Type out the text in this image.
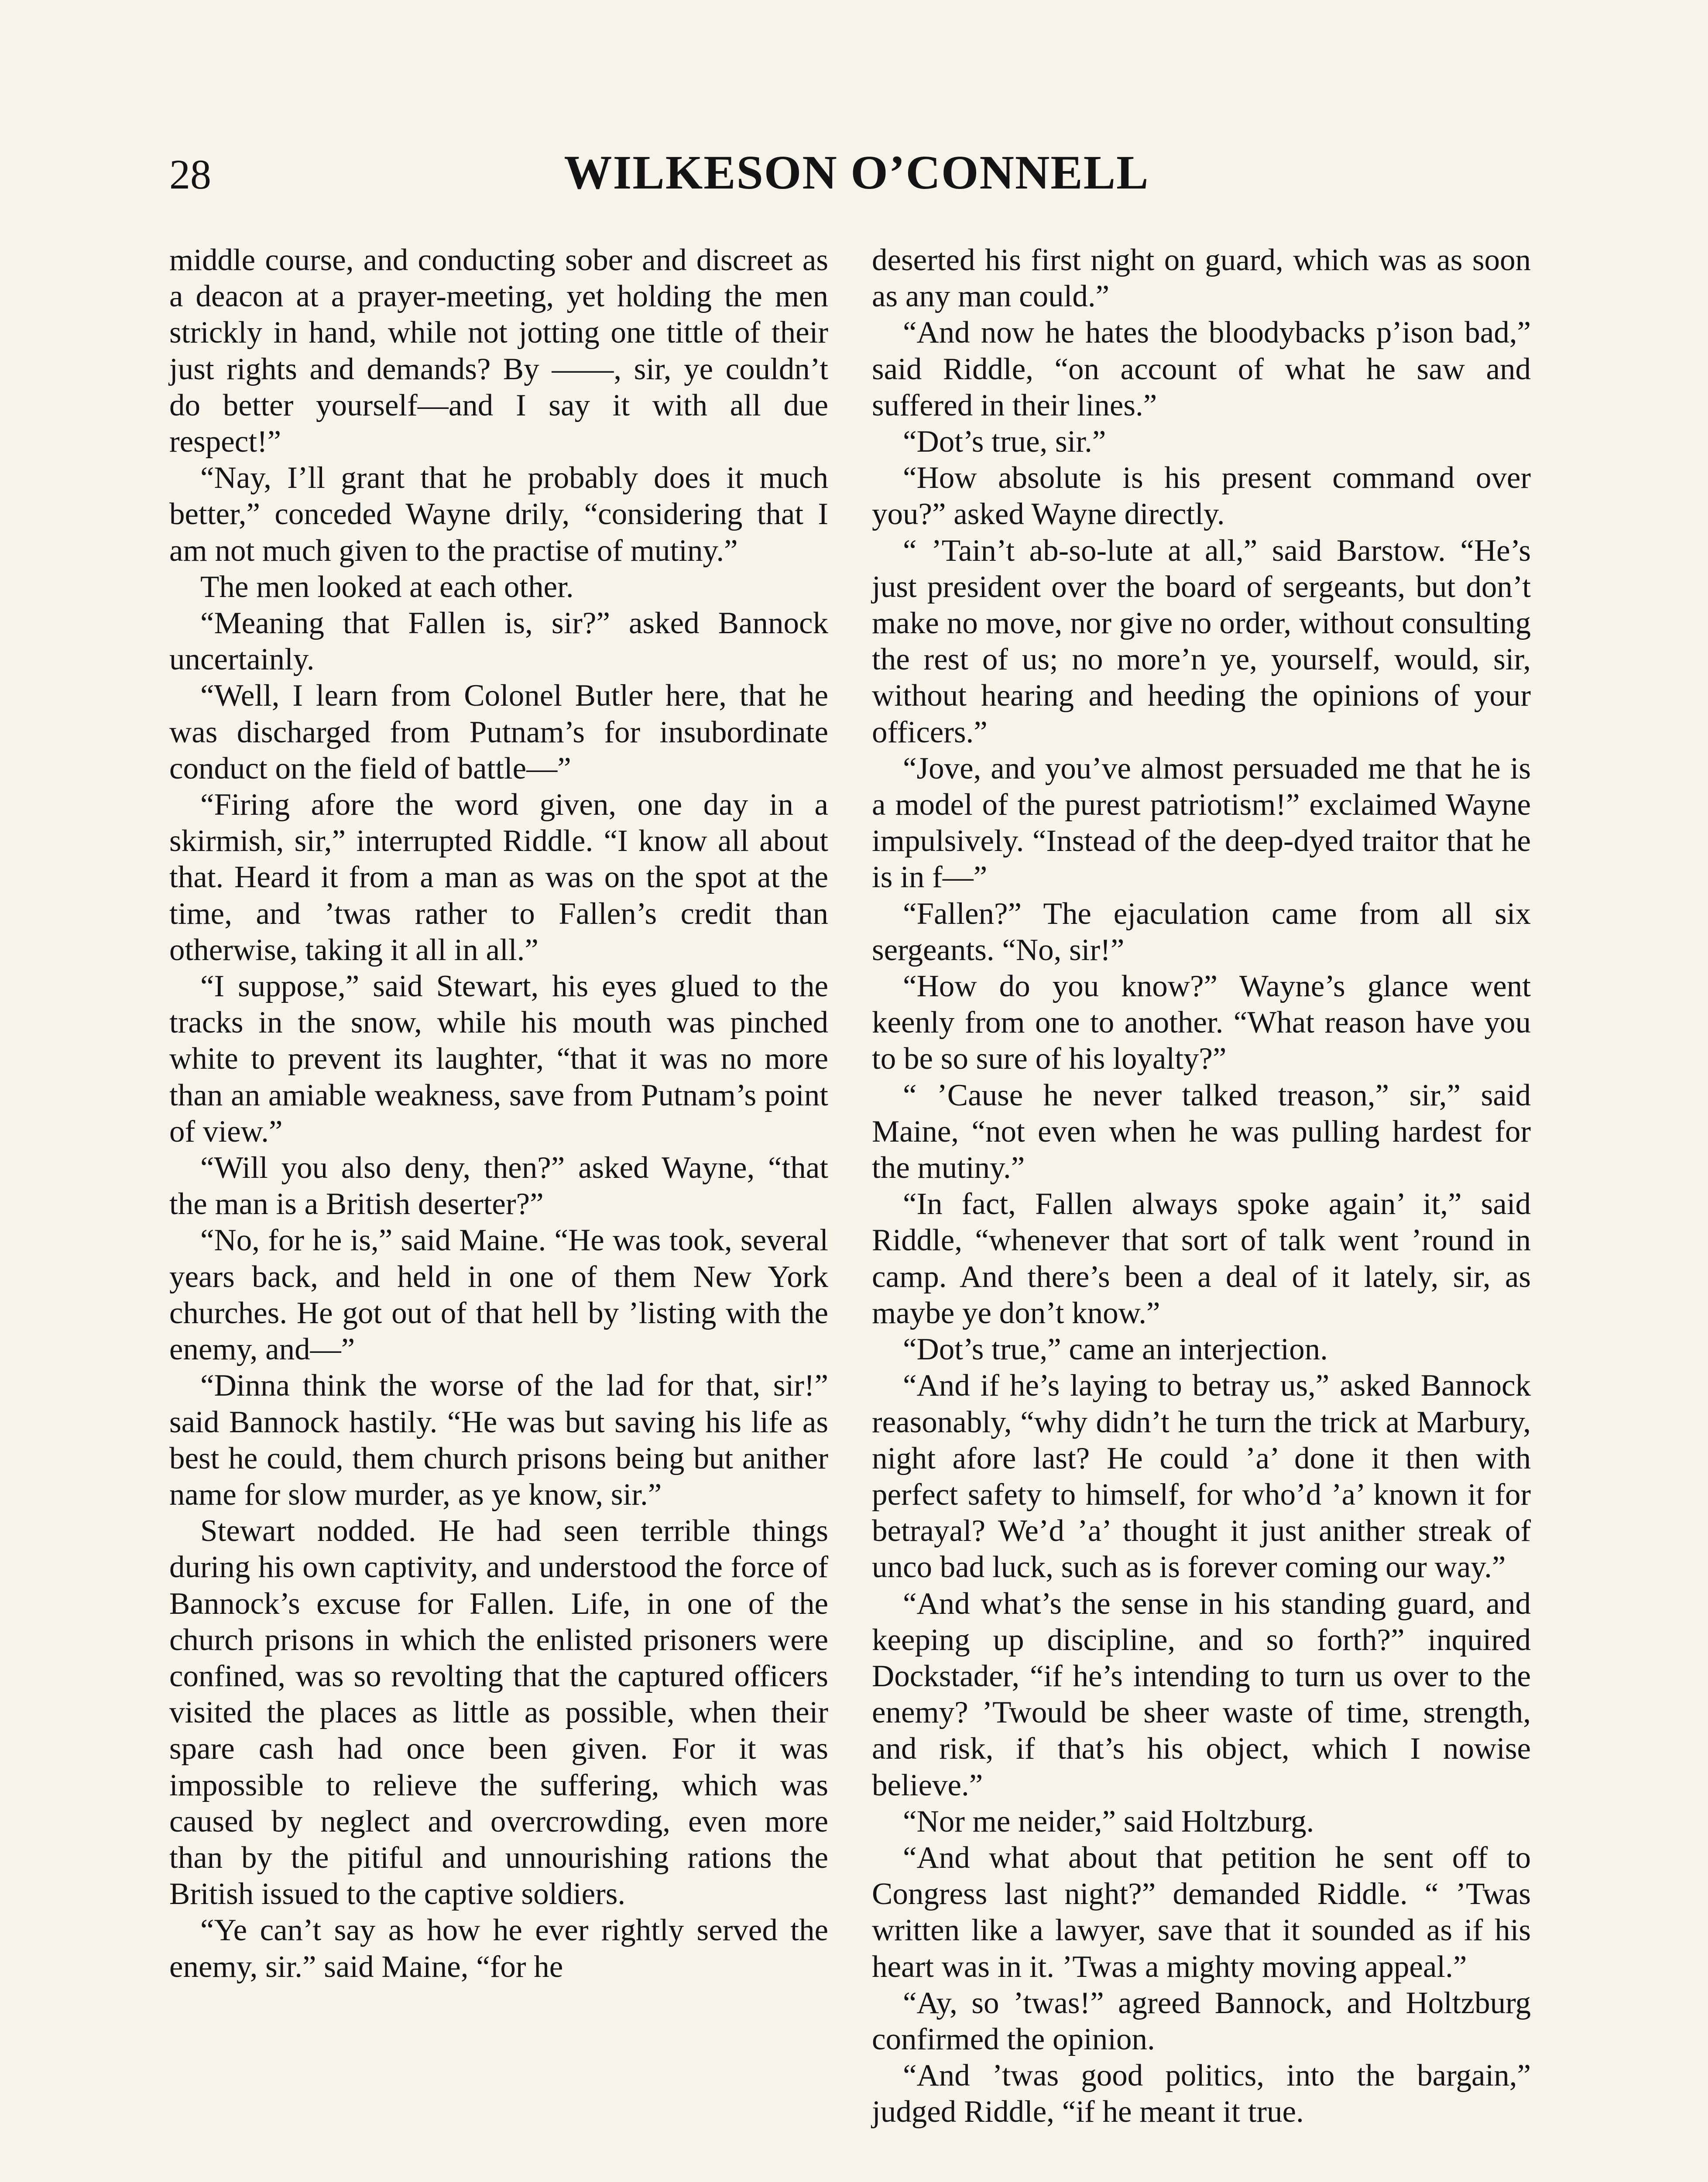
28	WILKESON O’CONNELL

middle course, and conducting sober and discreet as a deacon at a prayer-meeting, yet holding the men strickly in hand, while not jotting one tittle of their just rights and demands? By ——, sir, ye couldn’t do better yourself—and I say it with all due respect!”

“Nay, I’ll grant that he probably does it much better,” conceded Wayne drily, “considering that I am not much given to the practise of mutiny.”

The men looked at each other.

“Meaning that Fallen is, sir?” asked Bannock uncertainly.

“Well, I learn from Colonel Butler here, that he was discharged from Putnam’s for insubordinate conduct on the field of battle—”

“Firing afore the word given, one day in a skirmish, sir,” interrupted Riddle. “I know all about that. Heard it from a man as was on the spot at the time, and ’twas rather to Fallen’s credit than otherwise, taking it all in all.”

“I suppose,” said Stewart, his eyes glued to the tracks in the snow, while his mouth was pinched white to prevent its laughter, “that it was no more than an amiable weakness, save from Putnam’s point of view.”

“Will you also deny, then?” asked Wayne, “that the man is a British deserter?”

“No, for he is,” said Maine. “He was took, several years back, and held in one of them New York churches. He got out of that hell by ’listing with the enemy, and—”

“Dinna think the worse of the lad for that, sir!” said Bannock hastily. “He was but saving his life as best he could, them church prisons being but anither name for slow murder, as ye know, sir.”

Stewart nodded. He had seen terrible things during his own captivity, and understood the force of Bannock’s excuse for Fallen. Life, in one of the church prisons in which the enlisted prisoners were confined, was so revolting that the captured officers visited the places as little as possible, when their spare cash had once been given. For it was impossible to relieve the suffering, which was caused by neglect and overcrowding, even more than by the pitiful and unnourishing rations the British issued to the captive soldiers.

“Ye can’t say as how he ever rightly served the enemy, sir.” said Maine, “for he

deserted his first night on guard, which was as soon as any man could.”

“And now he hates the bloodybacks p’ison bad,” said Riddle, “on account of what he saw and suffered in their lines.”

“Dot’s true, sir.”

“How absolute is his present command over you?” asked Wayne directly.

“ ’Tain’t ab-so-lute at all,” said Barstow. “He’s just president over the board of sergeants, but don’t make no move, nor give no order, without consulting the rest of us; no more’n ye, yourself, would, sir, without hearing and heeding the opinions of your officers.”

“Jove, and you’ve almost persuaded me that he is a model of the purest patriotism!” exclaimed Wayne impulsively. “Instead of the deep-dyed traitor that he is in f—”

“Fallen?” The ejaculation came from all six sergeants. “No, sir!”

“How do you know?” Wayne’s glance went keenly from one to another. “What reason have you to be so sure of his loyalty?”

“ ’Cause he never talked treason,” sir,” said Maine, “not even when he was pulling hardest for the mutiny.”

“In fact, Fallen always spoke again’ it,” said Riddle, “whenever that sort of talk went ’round in camp. And there’s been a deal of it lately, sir, as maybe ye don’t know.”

“Dot’s true,” came an interjection.

“And if he’s laying to betray us,” asked Bannock reasonably, “why didn’t he turn the trick at Marbury, night afore last? He could ’a’ done it then with perfect safety to himself, for who’d ’a’ known it for betrayal? We’d ’a’ thought it just anither streak of unco bad luck, such as is forever coming our way.”

“And what’s the sense in his standing guard, and keeping up discipline, and so forth?” inquired Dockstader, “if he’s intending to turn us over to the enemy? ’Twould be sheer waste of time, strength, and risk, if that’s his object, which I nowise believe.”

“Nor me neider,” said Holtzburg.

“And what about that petition he sent off to Congress last night?” demanded Riddle. “ ’Twas written like a lawyer, save that it sounded as if his heart was in it. ’Twas a mighty moving appeal.”

“Ay, so ’twas!” agreed Bannock, and Holtzburg confirmed the opinion.

“And ’twas good politics, into the bargain,” judged Riddle, “if he meant it true.
